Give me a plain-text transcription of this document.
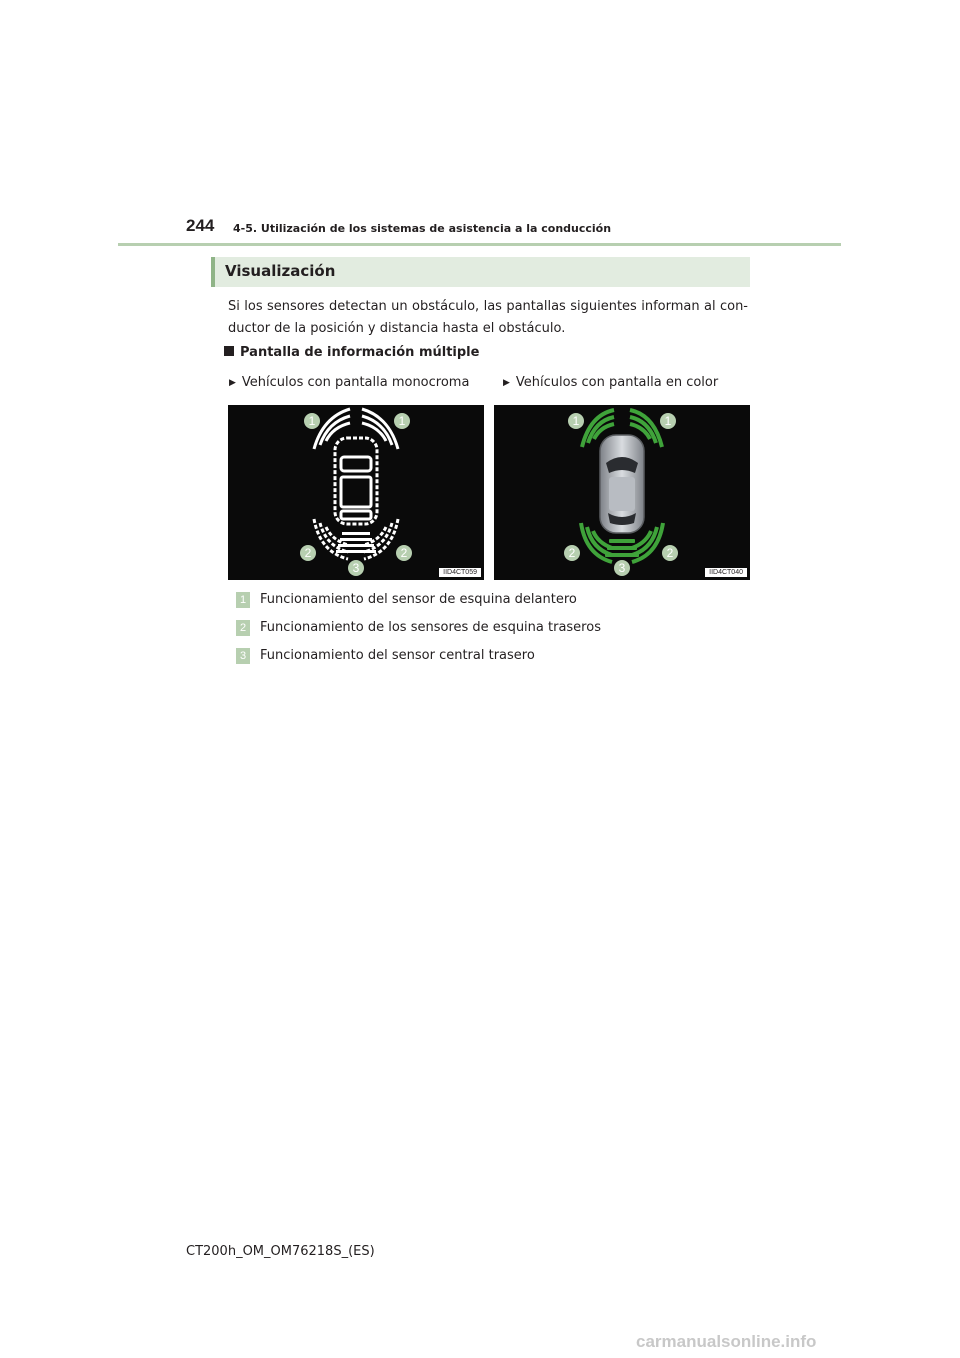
244 4-5. Utilización de los sistemas de asistencia a la conducción
Visualización
Si los sensores detectan un obstáculo, las pantallas siguientes informan al con-ductor de la posición y distancia hasta el obstáculo.
Pantalla de información múltiple
▶ Vehículos con pantalla monocroma	▶ Vehículos con pantalla en color
1	1
2	2
3	IID4CT059
1	1
2	2
3	IID4CT040
1	Funcionamiento del sensor de esquina delantero
2	Funcionamiento de los sensores de esquina traseros
3	Funcionamiento del sensor central trasero
CT200h_OM_OM76218S_(ES)
carmanualsonline.info
